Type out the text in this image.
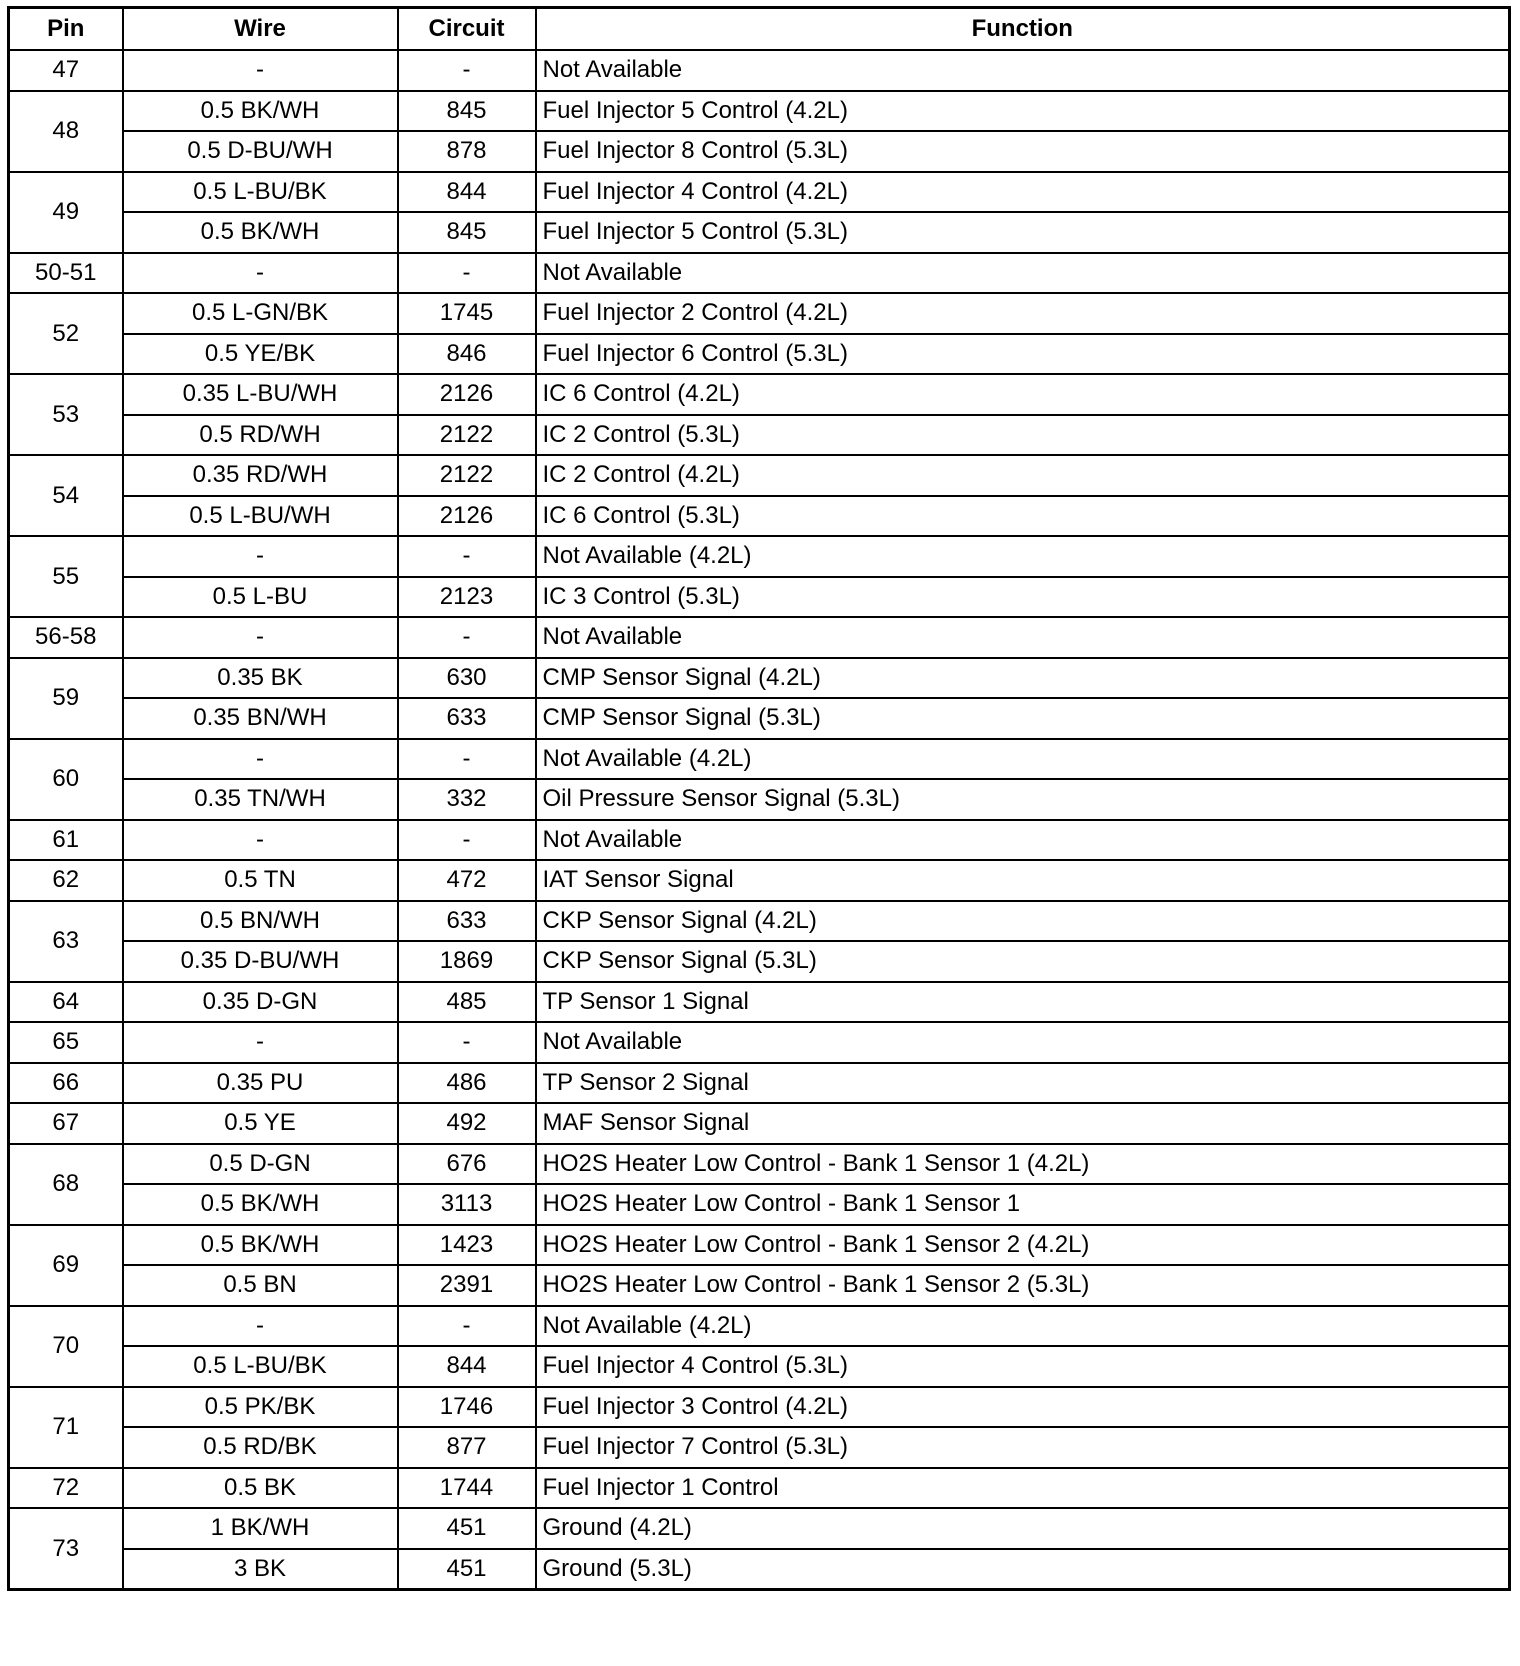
Pin	Wire	Circuit	Function
47	-	-	Not Available
48	0.5 BK/WH	845	Fuel Injector 5 Control (4.2L)
	0.5 D-BU/WH	878	Fuel Injector 8 Control (5.3L)
49	0.5 L-BU/BK	844	Fuel Injector 4 Control (4.2L)
	0.5 BK/WH	845	Fuel Injector 5 Control (5.3L)
50-51	-	-	Not Available
52	0.5 L-GN/BK	1745	Fuel Injector 2 Control (4.2L)
	0.5 YE/BK	846	Fuel Injector 6 Control (5.3L)
53	0.35 L-BU/WH	2126	IC 6 Control (4.2L)
	0.5 RD/WH	2122	IC 2 Control (5.3L)
54	0.35 RD/WH	2122	IC 2 Control (4.2L)
	0.5 L-BU/WH	2126	IC 6 Control (5.3L)
55	-	-	Not Available (4.2L)
	0.5 L-BU	2123	IC 3 Control (5.3L)
56-58	-	-	Not Available
59	0.35 BK	630	CMP Sensor Signal (4.2L)
	0.35 BN/WH	633	CMP Sensor Signal (5.3L)
60	-	-	Not Available (4.2L)
	0.35 TN/WH	332	Oil Pressure Sensor Signal (5.3L)
61	-	-	Not Available
62	0.5 TN	472	IAT Sensor Signal
63	0.5 BN/WH	633	CKP Sensor Signal (4.2L)
	0.35 D-BU/WH	1869	CKP Sensor Signal (5.3L)
64	0.35 D-GN	485	TP Sensor 1 Signal
65	-	-	Not Available
66	0.35 PU	486	TP Sensor 2 Signal
67	0.5 YE	492	MAF Sensor Signal
68	0.5 D-GN	676	HO2S Heater Low Control - Bank 1 Sensor 1 (4.2L)
	0.5 BK/WH	3113	HO2S Heater Low Control - Bank 1 Sensor 1
69	0.5 BK/WH	1423	HO2S Heater Low Control - Bank 1 Sensor 2 (4.2L)
	0.5 BN	2391	HO2S Heater Low Control - Bank 1 Sensor 2 (5.3L)
70	-	-	Not Available (4.2L)
	0.5 L-BU/BK	844	Fuel Injector 4 Control (5.3L)
71	0.5 PK/BK	1746	Fuel Injector 3 Control (4.2L)
	0.5 RD/BK	877	Fuel Injector 7 Control (5.3L)
72	0.5 BK	1744	Fuel Injector 1 Control
73	1 BK/WH	451	Ground (4.2L)
	3 BK	451	Ground (5.3L)
